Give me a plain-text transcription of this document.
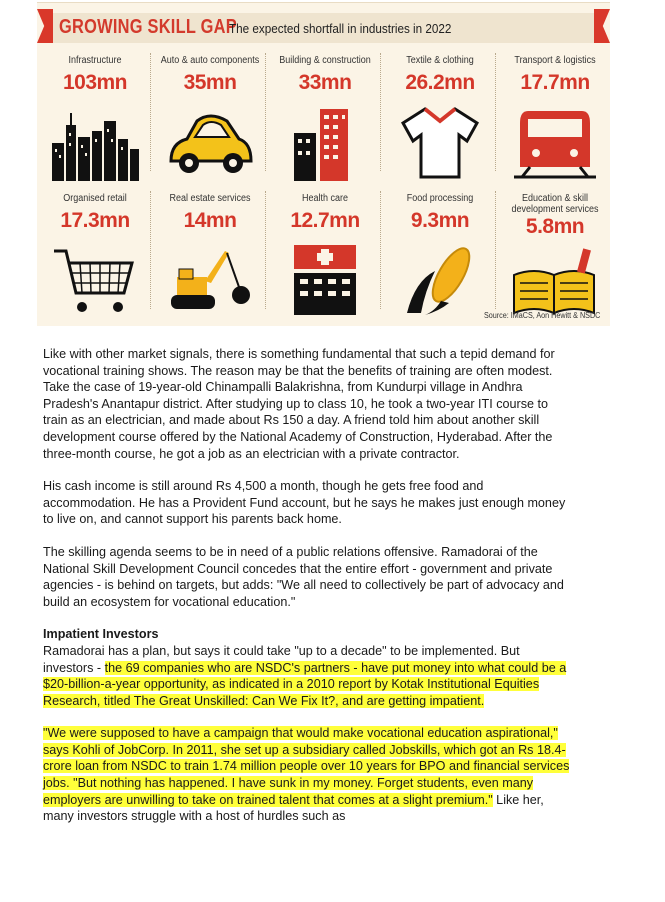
GROWING SKILL GAP
The expected shortfall in industries in 2022
Infrastructure
103mn
Auto & auto components
35mn
Building & construction
33mn
Textile & clothing
26.2mn
Transport & logistics
17.7mn
Organised retail
17.3mn
Real estate services
14mn
Health care
12.7mn
Food processing
9.3mn
Education & skill development services
5.8mn
Source: IMaCS, Aon Hewitt & NSDC

Like with other market signals, there is something fundamental that such a tepid demand for vocational training shows. The reason may be that the benefits of training are often modest. Take the case of 19-year-old Chinampalli Balakrishna, from Kundurpi village in Andhra Pradesh's Anantapur district. After studying up to class 10, he took a two-year ITI course to train as an electrician, and made about Rs 150 a day. A friend told him about another skill development course offered by the National Academy of Construction, Hyderabad. After the three-month course, he got a job as an electrician with a private contractor.

His cash income is still around Rs 4,500 a month, though he gets free food and accommodation. He has a Provident Fund account, but he says he makes just enough money to live on, and cannot support his parents back home.

The skilling agenda seems to be in need of a public relations offensive. Ramadorai of the National Skill Development Council concedes that the entire effort - government and private agencies - is behind on targets, but adds: "We all need to collectively be part of advocacy and build an ecosystem for vocational education."

Impatient Investors

Ramadorai has a plan, but says it could take "up to a decade" to be implemented. But investors - the 69 companies who are NSDC's partners - have put money into what could be a $20-billion-a-year opportunity, as indicated in a 2010 report by Kotak Institutional Equities Research, titled The Great Unskilled: Can We Fix It?, and are getting impatient.

"We were supposed to have a campaign that would make vocational education aspirational," says Kohli of JobCorp. In 2011, she set up a subsidiary called Jobskills, which got an Rs 18.4-crore loan from NSDC to train 1.74 million people over 10 years for BPO and financial services jobs. "But nothing has happened. I have sunk in my money. Forget students, even many employers are unwilling to take on trained talent that comes at a slight premium." Like her, many investors struggle with a host of hurdles such as
